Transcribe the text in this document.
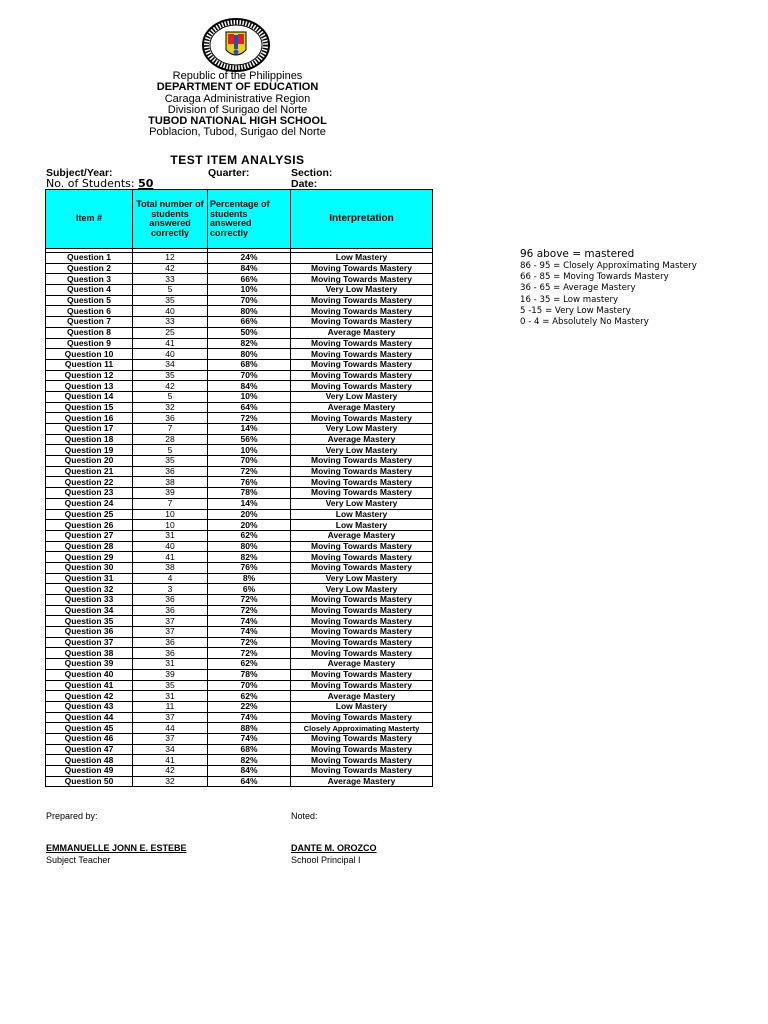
Republic of the Philippines
DEPARTMENT OF EDUCATION
Caraga Administrative Region
Division of Surigao del Norte
TUBOD NATIONAL HIGH SCHOOL
Poblacion, Tubod, Surigao del Norte
TEST ITEM ANALYSIS
Subject/Year:	Quarter:	Section:
No. of Students: 50	Date:
Item #	Total number of students answered correctly	Percentage of students answered correctly	Interpretation

Question 1	12	24%	Low Mastery
Question 2	42	84%	Moving Towards Mastery
Question 3	33	66%	Moving Towards Mastery
Question 4	5	10%	Very Low Mastery
Question 5	35	70%	Moving Towards Mastery
Question 6	40	80%	Moving Towards Mastery
Question 7	33	66%	Moving Towards Mastery
Question 8	25	50%	Average Mastery
Question 9	41	82%	Moving Towards Mastery
Question 10	40	80%	Moving Towards Mastery
Question 11	34	68%	Moving Towards Mastery
Question 12	35	70%	Moving Towards Mastery
Question 13	42	84%	Moving Towards Mastery
Question 14	5	10%	Very Low Mastery
Question 15	32	64%	Average Mastery
Question 16	36	72%	Moving Towards Mastery
Question 17	7	14%	Very Low Mastery
Question 18	28	56%	Average Mastery
Question 19	5	10%	Very Low Mastery
Question 20	35	70%	Moving Towards Mastery
Question 21	36	72%	Moving Towards Mastery
Question 22	38	76%	Moving Towards Mastery
Question 23	39	78%	Moving Towards Mastery
Question 24	7	14%	Very Low Mastery
Question 25	10	20%	Low Mastery
Question 26	10	20%	Low Mastery
Question 27	31	62%	Average Mastery
Question 28	40	80%	Moving Towards Mastery
Question 29	41	82%	Moving Towards Mastery
Question 30	38	76%	Moving Towards Mastery
Question 31	4	8%	Very Low Mastery
Question 32	3	6%	Very Low Mastery
Question 33	36	72%	Moving Towards Mastery
Question 34	36	72%	Moving Towards Mastery
Question 35	37	74%	Moving Towards Mastery
Question 36	37	74%	Moving Towards Mastery
Question 37	36	72%	Moving Towards Mastery
Question 38	36	72%	Moving Towards Mastery
Question 39	31	62%	Average Mastery
Question 40	39	78%	Moving Towards Mastery
Question 41	35	70%	Moving Towards Mastery
Question 42	31	62%	Average Mastery
Question 43	11	22%	Low Mastery
Question 44	37	74%	Moving Towards Mastery
Question 45	44	88%	Closely Approximating Masterty
Question 46	37	74%	Moving Towards Mastery
Question 47	34	68%	Moving Towards Mastery
Question 48	41	82%	Moving Towards Mastery
Question 49	42	84%	Moving Towards Mastery
Question 50	32	64%	Average Mastery
96 above = mastered
86 - 95 = Closely Approximating Mastery
66 - 85 = Moving Towards Mastery
36 - 65 = Average Mastery
16 - 35 = Low mastery
5 -15 = Very Low Mastery
0 - 4 = Absolutely No Mastery
Prepared by:	Noted:
EMMANUELLE JONN E. ESTEBE	DANTE M. OROZCO
Subject Teacher	School Principal I
